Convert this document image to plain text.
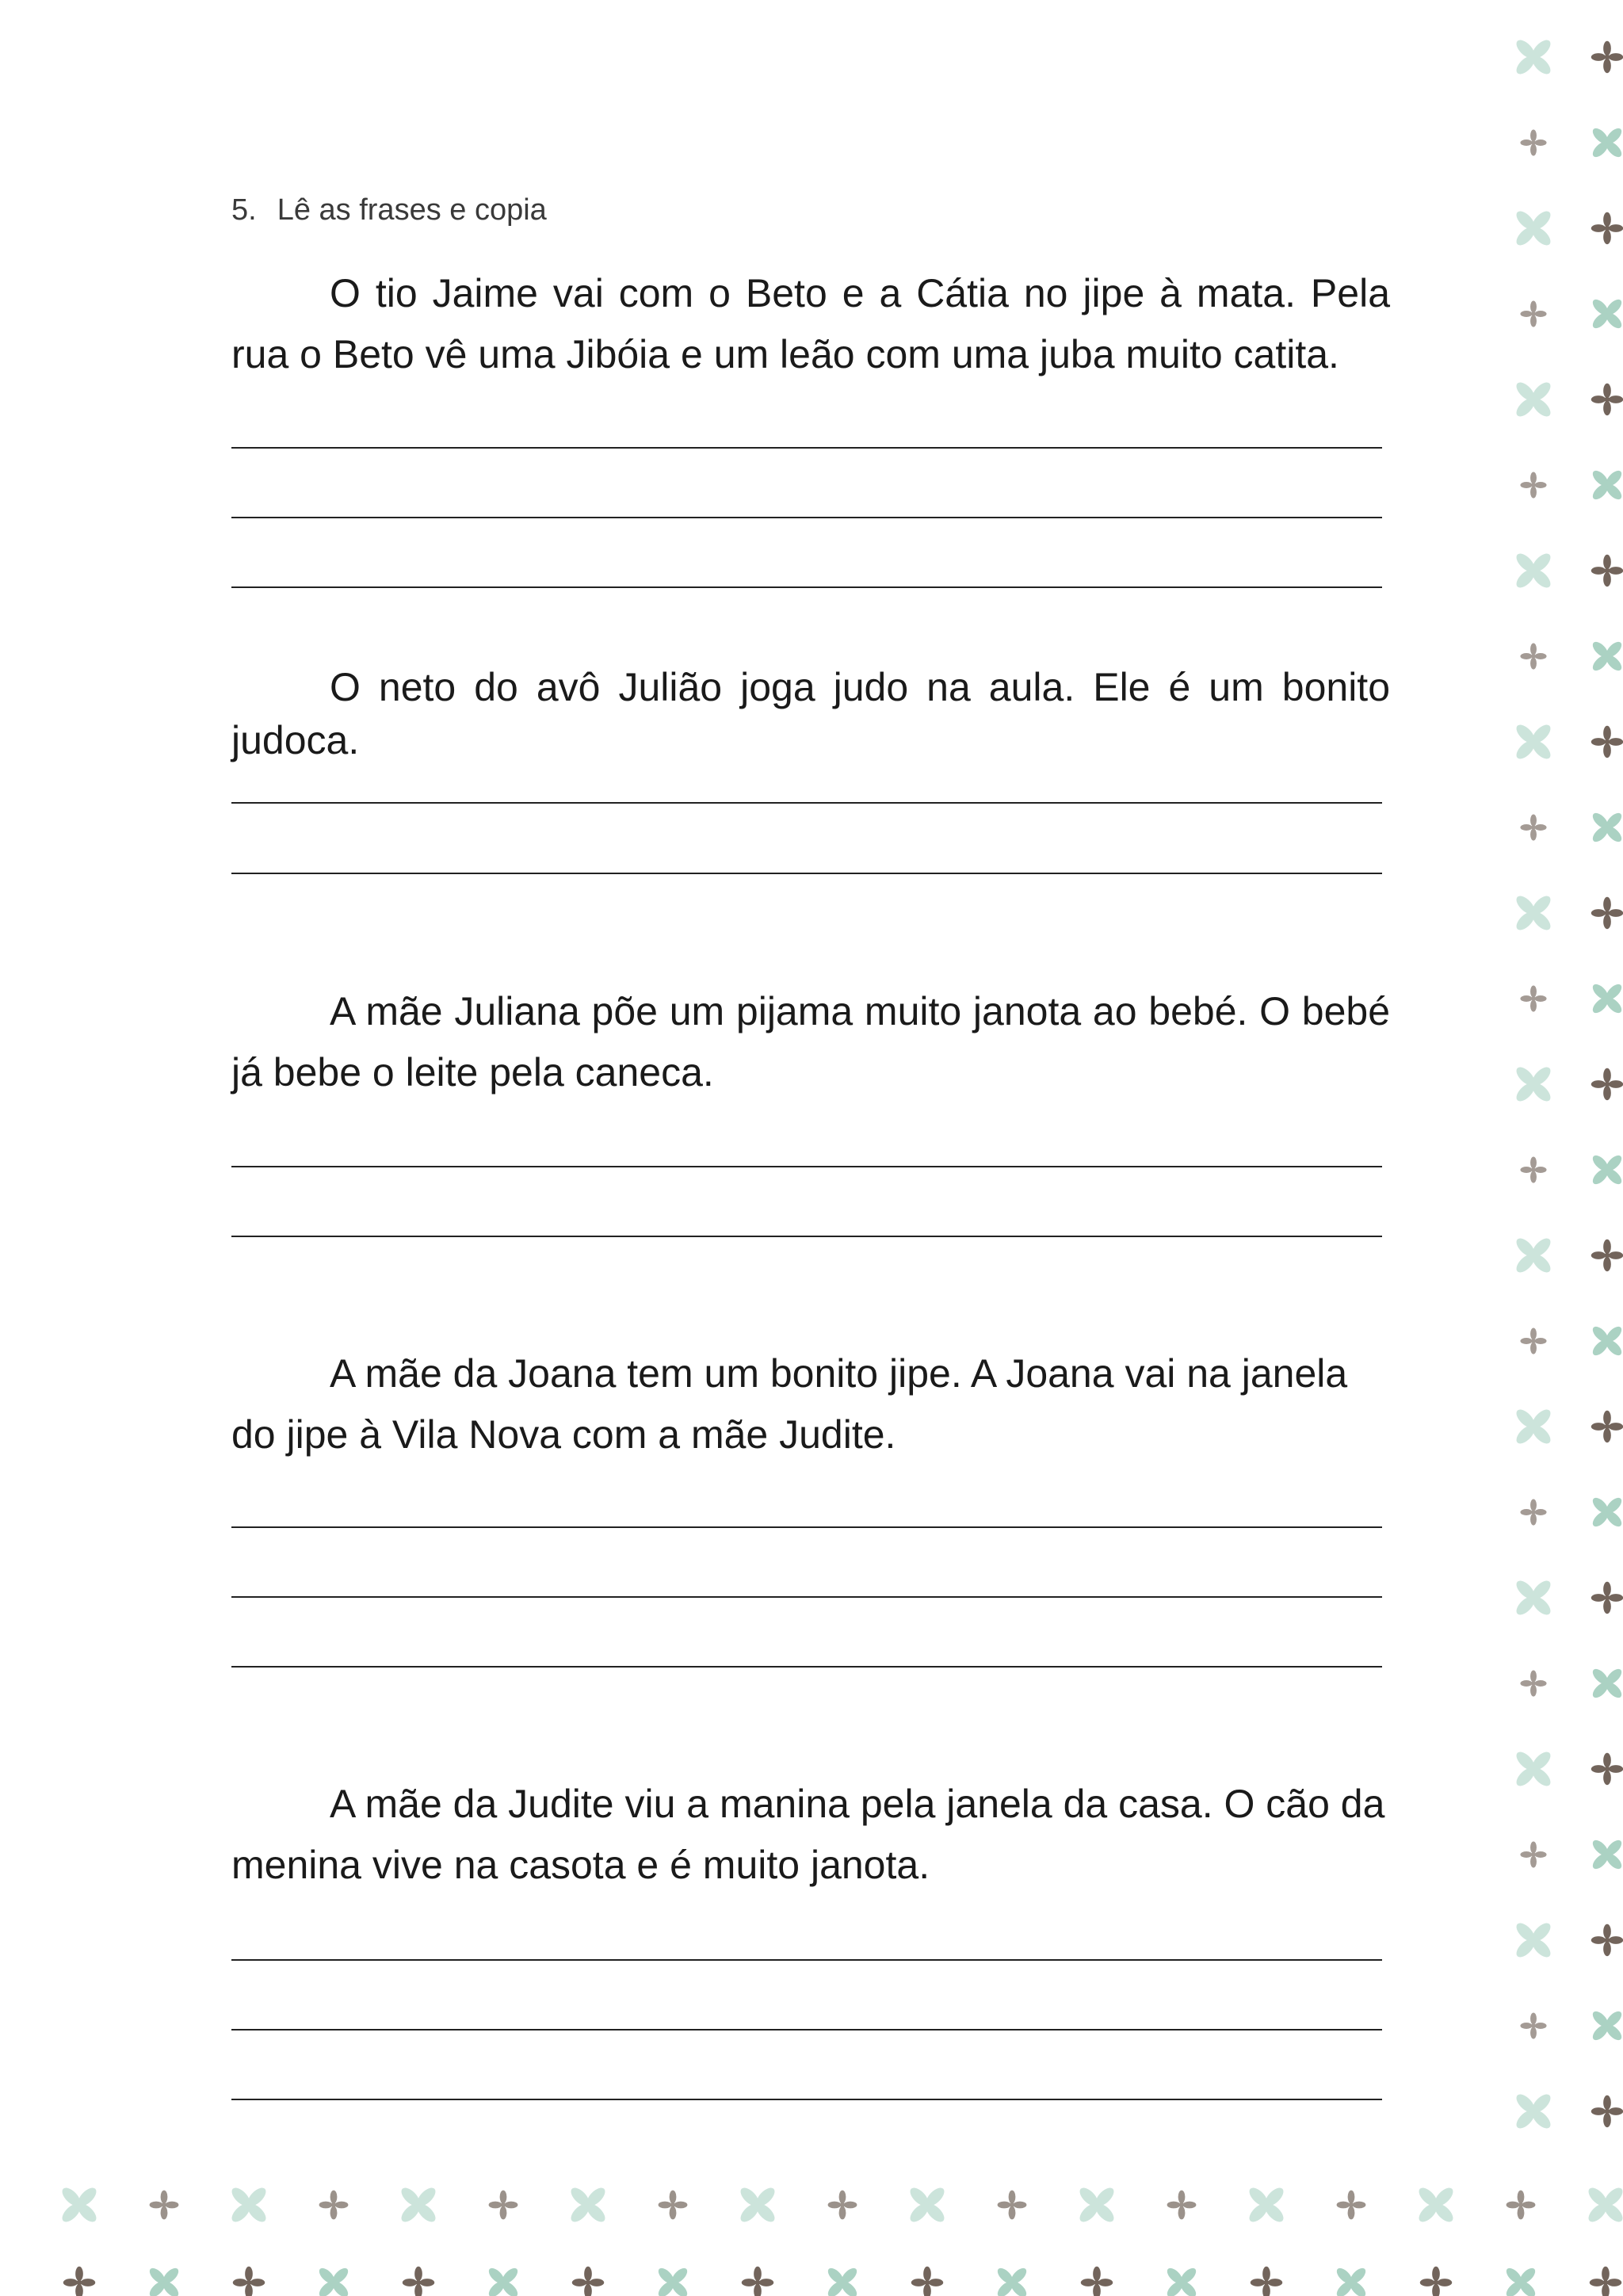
5. Lê as frases e copia

O tio Jaime vai com o Beto e a Cátia no jipe à mata. Pela rua o Beto vê uma Jibóia e um leão com uma juba muito catita.

O neto do avô Julião joga judo na aula. Ele é um bonito judoca.

A mãe Juliana põe um pijama muito janota ao bebé. O bebé já bebe o leite pela caneca.

A mãe da Joana tem um bonito jipe. A Joana vai na janela do jipe à Vila Nova com a mãe Judite.

A mãe da Judite viu a manina pela janela da casa. O cão da menina vive na casota e é muito janota.
